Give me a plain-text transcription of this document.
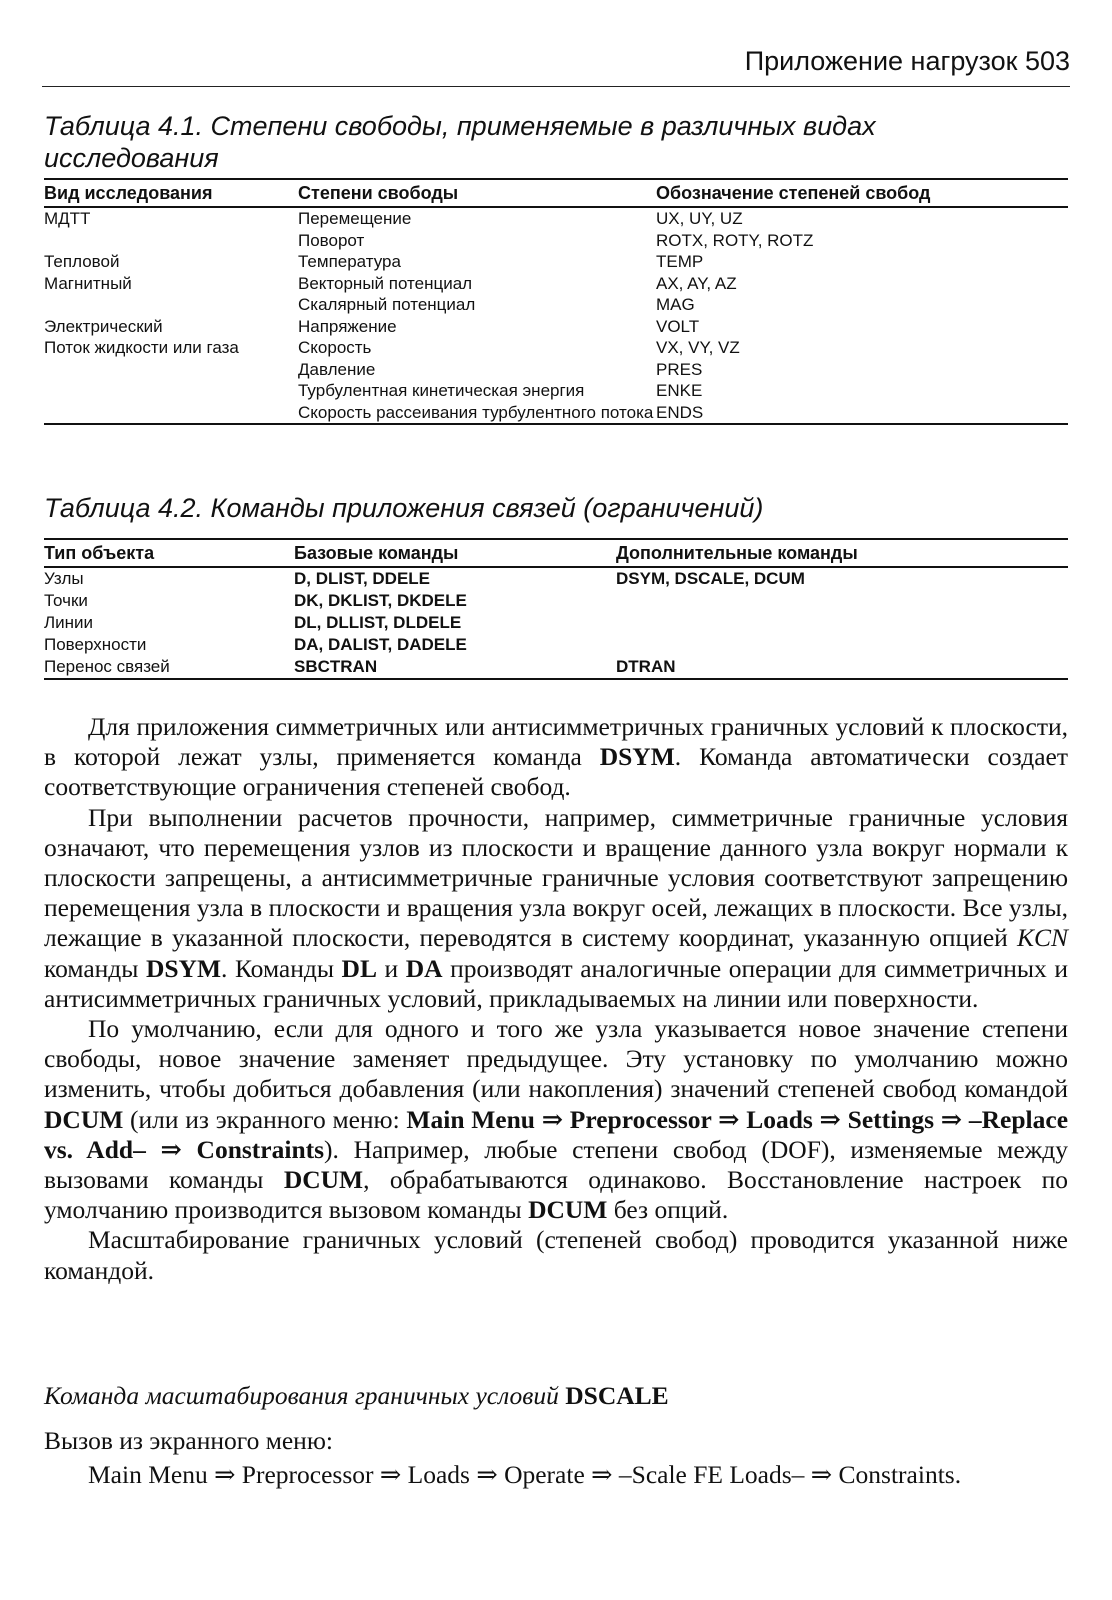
Приложение нагрузок 503
Таблица 4.1. Степени свободы, применяемые в различных видах исследования
Вид исследования	Степени свободы	Обозначение степеней свобод
МДТТ	Перемещение	UX, UY, UZ
	Поворот	ROTX, ROTY, ROTZ
Тепловой	Температура	TEMP
Магнитный	Векторный потенциал	AX, AY, AZ
	Скалярный потенциал	MAG
Электрический	Напряжение	VOLT
Поток жидкости или газа	Скорость	VX, VY, VZ
	Давление	PRES
	Турбулентная кинетическая энергия	ENKE
	Скорость рассеивания турбулентного потока	ENDS
Таблица 4.2. Команды приложения связей (ограничений)
Тип объекта	Базовые команды	Дополнительные команды
Узлы	D, DLIST, DDELE	DSYM, DSCALE, DCUM
Точки	DK, DKLIST, DKDELE	
Линии	DL, DLLIST, DLDELE	
Поверхности	DA, DALIST, DADELE	
Перенос связей	SBCTRAN	DTRAN

Для приложения симметричных или антисимметричных граничных условий к плоскости, в которой лежат узлы, применяется команда DSYM. Команда автоматически создает соответствующие ограничения степеней свобод.

При выполнении расчетов прочности, например, симметричные граничные условия означают, что перемещения узлов из плоскости и вращение данного узла вокруг нормали к плоскости запрещены, а антисимметричные граничные условия соответствуют запрещению перемещения узла в плоскости и вращения узла вокруг осей, лежащих в плоскости. Все узлы, лежащие в указанной плоскости, переводятся в систему координат, указанную опцией KCN команды DSYM. Команды DL и DA производят аналогичные операции для симметричных и антисимметричных граничных условий, прикладываемых на линии или поверхности.

По умолчанию, если для одного и того же узла указывается новое значение степени свободы, новое значение заменяет предыдущее. Эту установку по умолчанию можно изменить, чтобы добиться добавления (или накопления) значений степеней свобод командой DCUM (или из экранного меню: Main Menu ⇒ Preprocessor ⇒ Loads ⇒ Settings ⇒ –Replace vs. Add– ⇒ Constraints). Например, любые степени свобод (DOF), изменяемые между вызовами команды DCUM, обрабатываются одинаково. Восстановление настроек по умолчанию производится вызовом команды DCUM без опций.

Масштабирование граничных условий (степеней свобод) проводится указанной ниже командой.

Команда масштабирования граничных условий DSCALE
Вызов из экранного меню:
Main Menu ⇒ Preprocessor ⇒ Loads ⇒ Operate ⇒ –Scale FE Loads– ⇒ Constraints.
